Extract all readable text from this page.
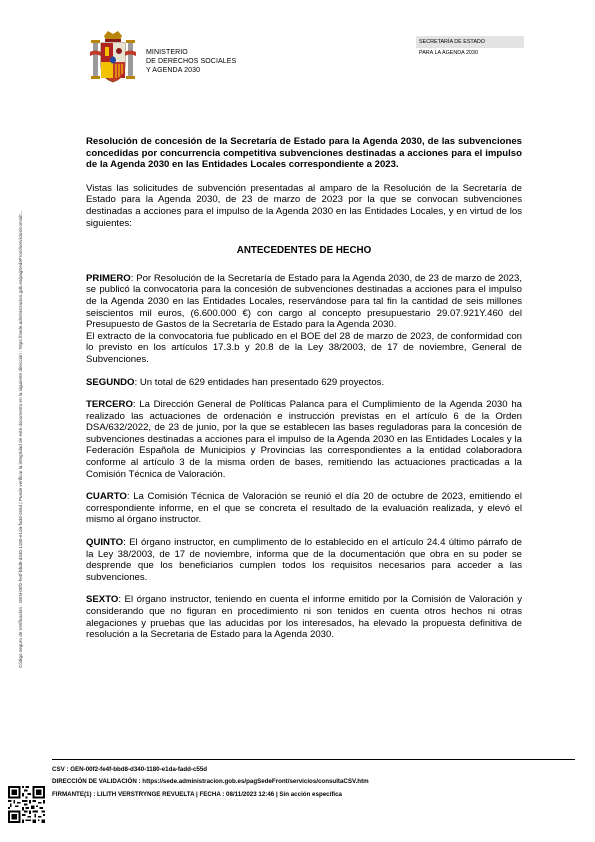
Código seguro de Verificación : GEN-00f2-fe4f-bbd8-d340-1180-e1da-fadd-c55d | Puede verificar la integridad de este documento en la siguiente dirección : https://sede.administracion.gob.es/pagSedeFront/servicios/consult...
MINISTERIO
DE DERECHOS SOCIALES
Y AGENDA 2030
SECRETARÍA DE ESTADO
PARA LA AGENDA 2030
Resolución de concesión de la Secretaría de Estado para la Agenda 2030, de las subvenciones concedidas por concurrencia competitiva subvenciones destinadas a acciones para el impulso de la Agenda 2030 en las Entidades Locales correspondiente a 2023.

Vistas las solicitudes de subvención presentadas al amparo de la Resolución de la Secretaría de Estado para la Agenda 2030, de 23 de marzo de 2023 por la que se convocan subvenciones destinadas a acciones para el impulso de la Agenda 2030 en las Entidades Locales, y en virtud de los siguientes:

ANTECEDENTES DE HECHO

PRIMERO: Por Resolución de la Secretaría de Estado para la Agenda 2030, de 23 de marzo de 2023, se publicó la convocatoria para la concesión de subvenciones destinadas a acciones para el impulso de la Agenda 2030 en las Entidades Locales, reservándose para tal fin la cantidad de seis millones seiscientos mil euros, (6.600.000 €) con cargo al concepto presupuestario 29.07.921Y.460 del Presupuesto de Gastos de la Secretaría de Estado para la Agenda 2030.

El extracto de la convocatoria fue publicado en el BOE del 28 de marzo de 2023, de conformidad con lo previsto en los artículos 17.3.b y 20.8 de la Ley 38/2003, de 17 de noviembre, General de Subvenciones.

SEGUNDO: Un total de 629 entidades han presentado 629 proyectos.

TERCERO: La Dirección General de Políticas Palanca para el Cumplimiento de la Agenda 2030 ha realizado las actuaciones de ordenación e instrucción previstas en el artículo 6 de la Orden DSA/632/2022, de 23 de junio, por la que se establecen las bases reguladoras para la concesión de subvenciones destinadas a acciones para el impulso de la Agenda 2030 en las Entidades Locales y la Federación Española de Municipios y Provincias las correspondientes a la entidad colaboradora conforme al artículo 3 de la misma orden de bases, remitiendo las actuaciones practicadas a la Comisión Técnica de Valoración.

CUARTO: La Comisión Técnica de Valoración se reunió el día 20 de octubre de 2023, emitiendo el correspondiente informe, en el que se concreta el resultado de la evaluación realizada, y elevó el mismo al órgano instructor.

QUINTO: El órgano instructor, en cumplimento de lo establecido en el artículo 24.4 último párrafo de la Ley 38/2003, de 17 de noviembre, informa que de la documentación que obra en su poder se desprende que los beneficiarios cumplen todos los requisitos necesarios para acceder a las subvenciones.

SEXTO: El órgano instructor, teniendo en cuenta el informe emitido por la Comisión de Valoración y considerando que no figuran en procedimiento ni son tenidos en cuenta otros hechos ni otras alegaciones y pruebas que las aducidas por los interesados, ha elevado la propuesta definitiva de resolución a la Secretaria de Estado para la Agenda 2030.

CSV : GEN-00f2-fe4f-bbd8-d340-1180-e1da-fadd-c55d
DIRECCIÓN DE VALIDACIÓN : https://sede.administracion.gob.es/pagSedeFront/servicios/consultaCSV.htm
FIRMANTE(1) : LILITH VERSTRYNGE REVUELTA | FECHA : 08/11/2023 12:46 | Sin acción específica
